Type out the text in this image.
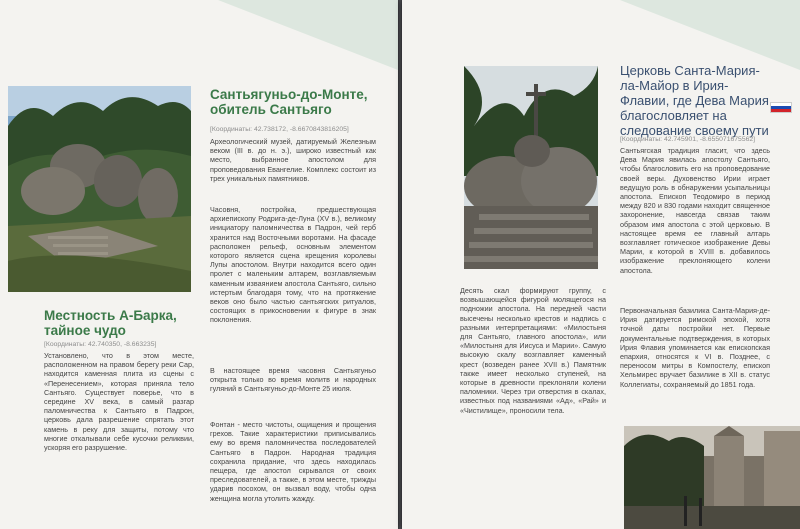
Сантьягуньо-до-Монте, обитель Сантьяго
[Координаты: 42.738172, -8.6670843816205]

Археологический музей, датируемый Железным веком (III в. до н. э.), широко известный как место, выбранное апостолом для проповедования Евангелие. Комплекс состоит из трех уникальных памятников.

Часовня, постройка, предшествующая архиепископу Родрига-де-Луна (XV в.), великому инициатору паломничества в Падрон, чей герб хранится над Восточными воротами. На фасаде расположен рельеф, основным элементом которого является сцена крещения королевы Лупы апостолом. Внутри находится всего один пролет с маленьким алтарем, возглавляемым каменным изваянием апостола Сантьяго, сильно истертым благодаря тому, что на протяжение веков оно было частью сантьягских ритуалов, состоящих в прикосновении к фигуре в знак поклонения.

В настоящее время часовня Сантьягуньо открыта только во время молитв и народных гуляний в Сантьягуньо-до-Монте 25 июля.

Фонтан - место чистоты, ощищения и прощения грехов. Такие характеристики приписывались ему во время паломничества последователей Сантьяго в Падрон. Народная традиция сохранила придание, что здесь находилась пещера, где апостол скрывался от своих преследователей, а также, в этом месте, трижды ударив посохом, он вызвал воду, чтобы одна женщина могла утолить жажду.

Местность А-Барка, тайное чудо
[Координаты: 42.740350, -8.663235]

Установлено, что в этом месте, расположенном на правом берегу реки Сар, находится каменная плита из сцены с «Перенесением», которая приняла тело Сантьяго. Существует поверье, что в середине XV века, в самый разгар паломничества к Сантьяго в Падрон, церковь дала разрешение спрятать этот камень в реку для защиты, потому что многие откалывали себе кусочки реликвии, ускоряя его разрушение.

Десять скал формируют группу, с возвышающейся фигурой молящегося на подножии апостола. На передней части высечены несколько крестов и надпись с разными интерпретациями: «Милостыня для Сантьяго, главного апостола», или «Милостыня для Иисуса и Марии». Самую высокую скалу возглавляет каменный крест (возведен ранее XVII в.) Памятник также имеет несколько ступеней, на которые в древности преклоняли колени паломники. Через три отверстия в скалах, известных под названиями «Ад», «Рай» и «Чистилище», проносили тела.

Церковь Санта-Мария-ла-Майор в Ирия-Флавии, где Дева Мария благословляет на следование своему пути
[Координаты: 42.745901, -8.655071675562]

Сантьягская традиция гласит, что здесь Дева Мария явилась апостолу Сантьяго, чтобы благословить его на проповедование своей веры. Духовенство Ирии играет ведущую роль в обнаружении усыпальницы апостола. Епископ Теодомиро в период между 820 и 830 годами находит священное захоронение, навсегда связав таким образом имя апостола с этой церковью. В настоящее время ее главный алтарь возглавляет готическое изображение Девы Марии, к которой в XVIII в. добавилось изображение преклоняющего колени апостола.

Первоначальная базилика Санта-Мария-де-Ирия датируется римской эпохой, хотя точной даты постройки нет. Первые документальные подтверждения, в которых Ирия Флавия упоминается как епископская епархия, относятся к VI в. Позднее, с переносом митры в Компостелу, епископ Хельмирес вручает базилике в XII в. статус Коллегиаты, сохраняемый до 1851 года.
